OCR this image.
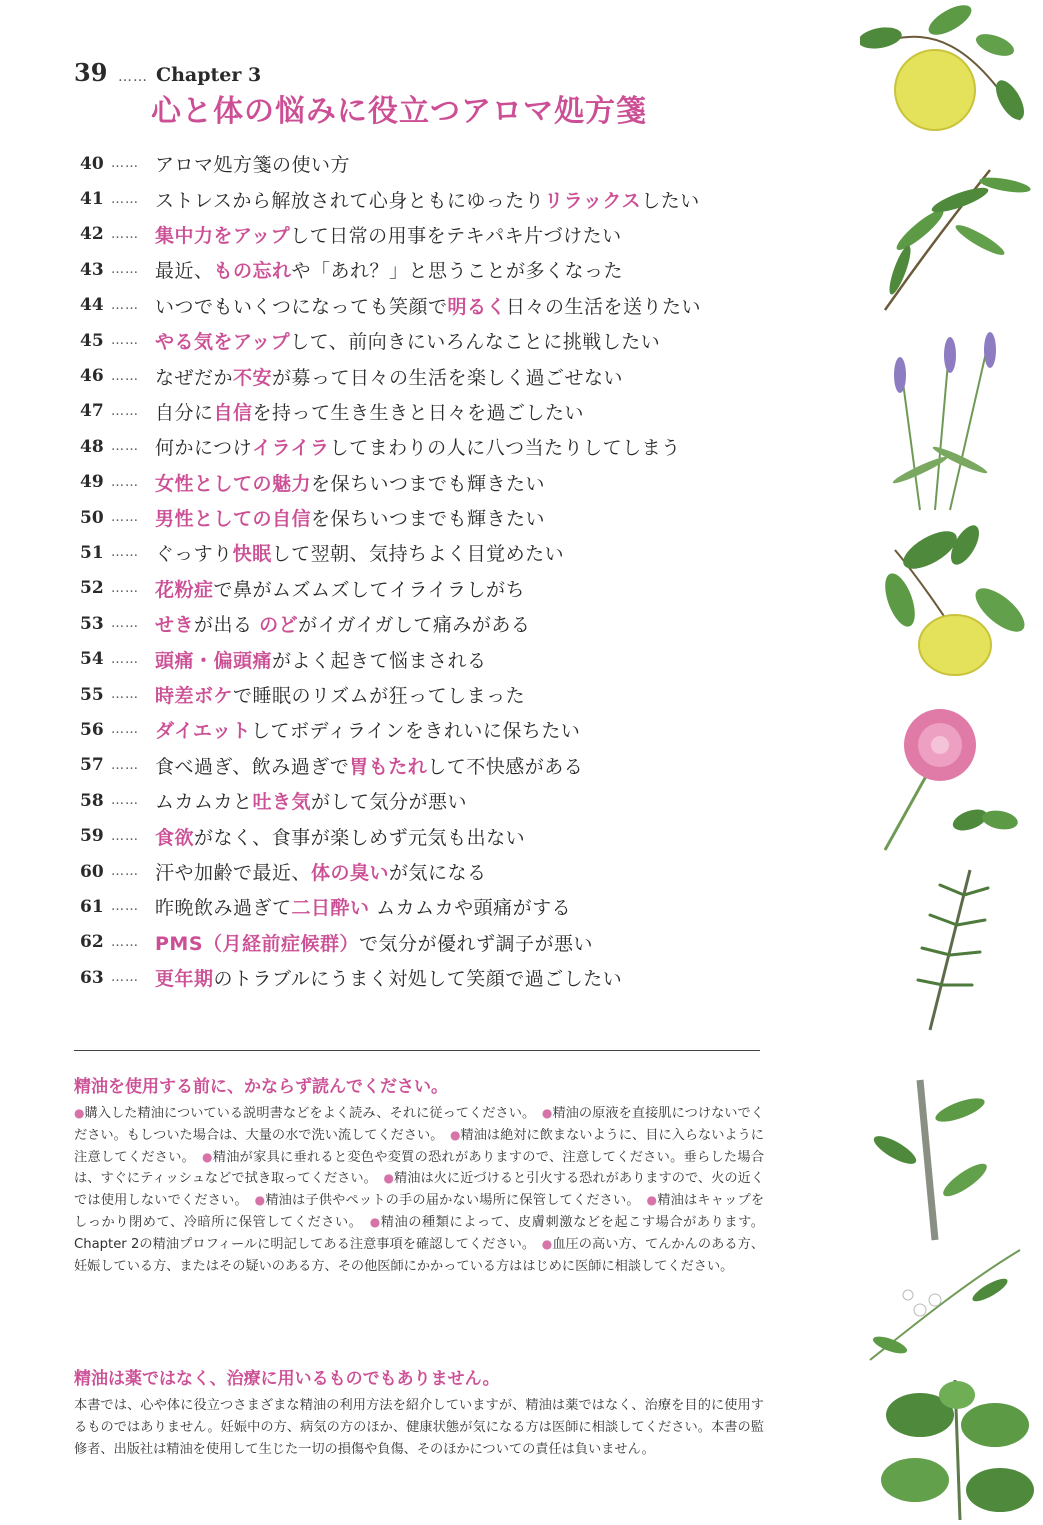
39 …… Chapter 3
心と体の悩みに役立つアロマ処方箋
40 …… アロマ処方箋の使い方
41 …… ストレスから解放されて心身ともにゆったりリラックスしたい
42 …… 集中力をアップして日常の用事をテキパキ片づけたい
43 …… 最近、もの忘れや「あれ？」と思うことが多くなった
44 …… いつでもいくつになっても笑顔で明るく日々の生活を送りたい
45 …… やる気をアップして、前向きにいろんなことに挑戦したい
46 …… なぜだか不安が募って日々の生活を楽しく過ごせない
47 …… 自分に自信を持って生き生きと日々を過ごしたい
48 …… 何かにつけイライラしてまわりの人に八つ当たりしてしまう
49 …… 女性としての魅力を保ちいつまでも輝きたい
50 …… 男性としての自信を保ちいつまでも輝きたい
51 …… ぐっすり快眠して翌朝、気持ちよく目覚めたい
52 …… 花粉症で鼻がムズムズしてイライラしがち
53 …… せきが出る のどがイガイガして痛みがある
54 …… 頭痛・偏頭痛がよく起きて悩まされる
55 …… 時差ボケで睡眠のリズムが狂ってしまった
56 …… ダイエットしてボディラインをきれいに保ちたい
57 …… 食べ過ぎ、飲み過ぎで胃もたれして不快感がある
58 …… ムカムカと吐き気がして気分が悪い
59 …… 食欲がなく、食事が楽しめず元気も出ない
60 …… 汗や加齢で最近、体の臭いが気になる
61 …… 昨晩飲み過ぎて二日酔い ムカムカや頭痛がする
62 …… PMS（月経前症候群）で気分が優れず調子が悪い
63 …… 更年期のトラブルにうまく対処して笑顔で過ごしたい
精油を使用する前に、かならず読んでください。
●購入した精油についている説明書などをよく読み、それに従ってください。　 ●精油の原液を直接肌につけないでください。もしついた場合は、大量の水で洗い流してください。　 ●精油は絶対に飲まないように、目に入らないように注意してください。　 ●精油が家具に垂れると変色や変質の恐れがありますので、注意してください。垂らした場合は、すぐにティッシュなどで拭き取ってください。　 ●精油は火に近づけると引火する恐れがありますので、火の近くでは使用しないでください。　 ●精油は子供やペットの手の届かない場所に保管してください。　 ●精油はキャップをしっかり閉めて、冷暗所に保管してください。　 ●精油の種類によって、皮膚刺激などを起こす場合があります。Chapter 2の精油プロフィールに明記してある注意事項を確認してください。　 ●血圧の高い方、てんかんのある方、妊娠している方、またはその疑いのある方、その他医師にかかっている方ははじめに医師に相談してください。
精油は薬ではなく、治療に用いるものでもありません。
本書では、心や体に役立つさまざまな精油の利用方法を紹介していますが、精油は薬ではなく、治療を目的に使用するものではありません。妊娠中の方、病気の方のほか、健康状態が気になる方は医師に相談してください。本書の監修者、出版社は精油を使用して生じた一切の損傷や負傷、そのほかについての責任は負いません。
